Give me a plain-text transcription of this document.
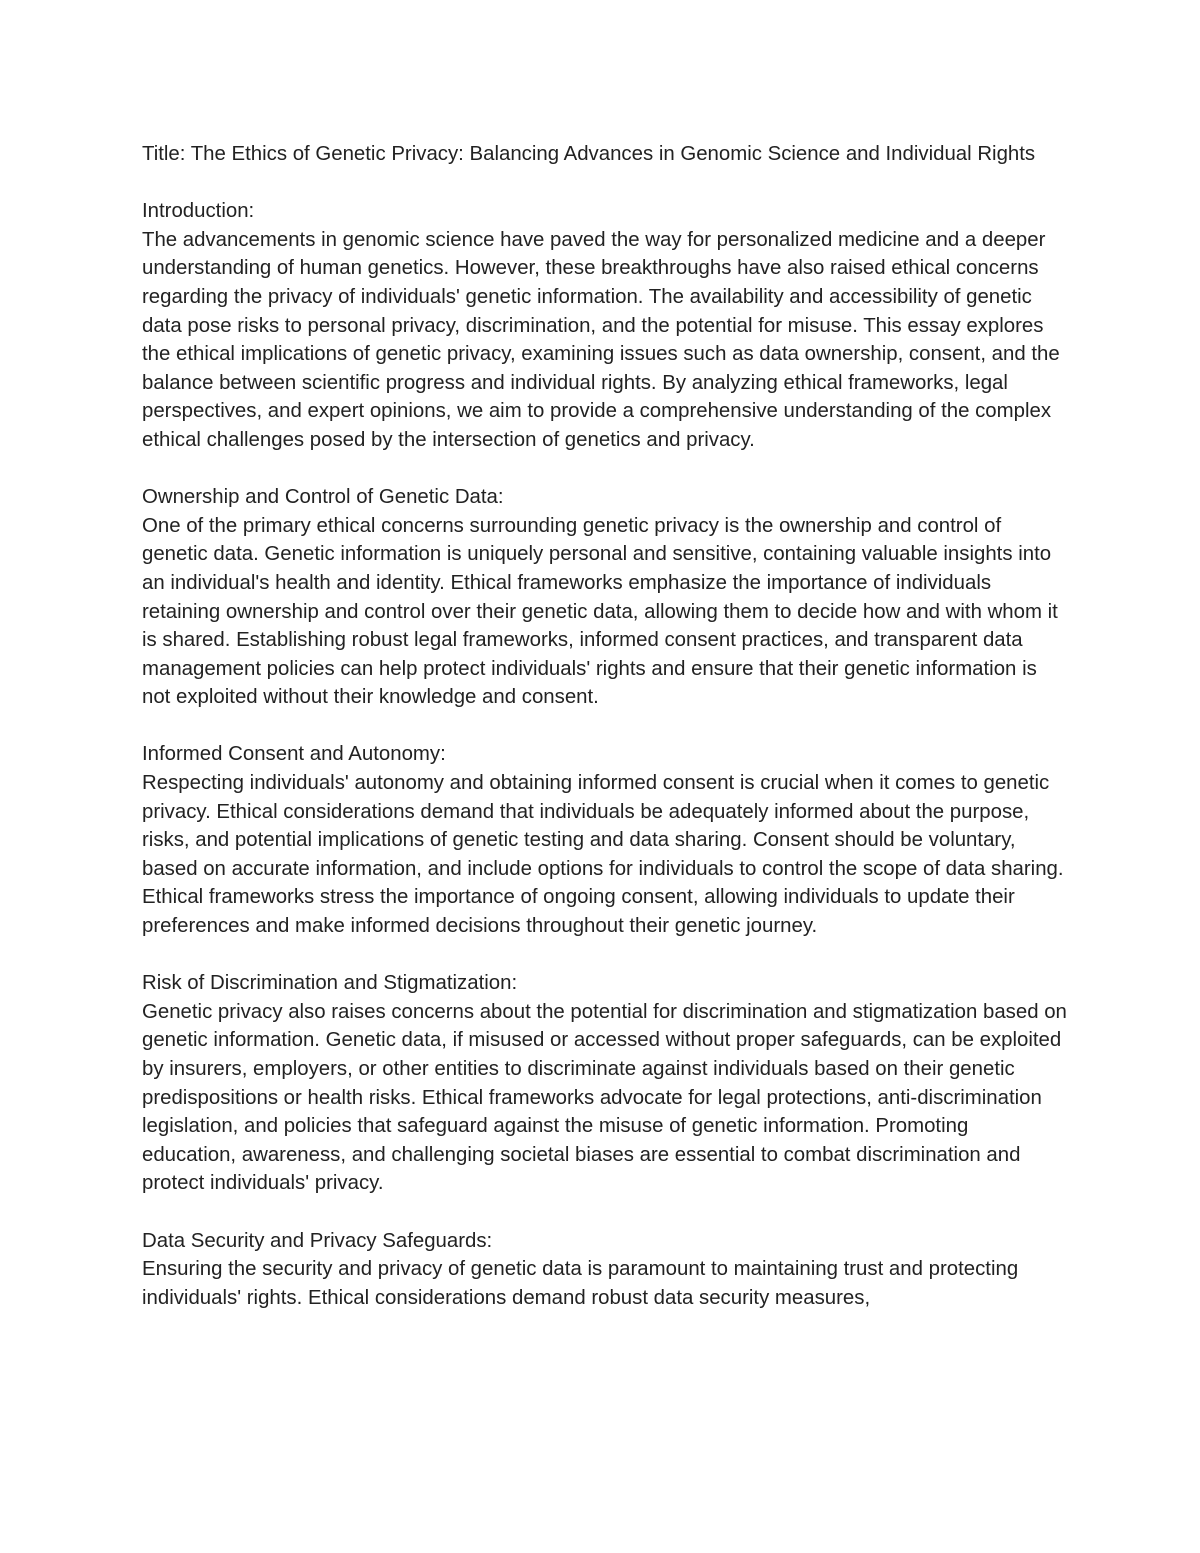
Title: The Ethics of Genetic Privacy: Balancing Advances in Genomic Science and Individual Rights

Introduction:

The advancements in genomic science have paved the way for personalized medicine and a deeper understanding of human genetics. However, these breakthroughs have also raised ethical concerns regarding the privacy of individuals' genetic information. The availability and accessibility of genetic data pose risks to personal privacy, discrimination, and the potential for misuse. This essay explores the ethical implications of genetic privacy, examining issues such as data ownership, consent, and the balance between scientific progress and individual rights. By analyzing ethical frameworks, legal perspectives, and expert opinions, we aim to provide a comprehensive understanding of the complex ethical challenges posed by the intersection of genetics and privacy.

Ownership and Control of Genetic Data:

One of the primary ethical concerns surrounding genetic privacy is the ownership and control of genetic data. Genetic information is uniquely personal and sensitive, containing valuable insights into an individual's health and identity. Ethical frameworks emphasize the importance of individuals retaining ownership and control over their genetic data, allowing them to decide how and with whom it is shared. Establishing robust legal frameworks, informed consent practices, and transparent data management policies can help protect individuals' rights and ensure that their genetic information is not exploited without their knowledge and consent.

Informed Consent and Autonomy:

Respecting individuals' autonomy and obtaining informed consent is crucial when it comes to genetic privacy. Ethical considerations demand that individuals be adequately informed about the purpose, risks, and potential implications of genetic testing and data sharing. Consent should be voluntary, based on accurate information, and include options for individuals to control the scope of data sharing. Ethical frameworks stress the importance of ongoing consent, allowing individuals to update their preferences and make informed decisions throughout their genetic journey.

Risk of Discrimination and Stigmatization:

Genetic privacy also raises concerns about the potential for discrimination and stigmatization based on genetic information. Genetic data, if misused or accessed without proper safeguards, can be exploited by insurers, employers, or other entities to discriminate against individuals based on their genetic predispositions or health risks. Ethical frameworks advocate for legal protections, anti-discrimination legislation, and policies that safeguard against the misuse of genetic information. Promoting education, awareness, and challenging societal biases are essential to combat discrimination and protect individuals' privacy.

Data Security and Privacy Safeguards:

Ensuring the security and privacy of genetic data is paramount to maintaining trust and protecting individuals' rights. Ethical considerations demand robust data security measures,
